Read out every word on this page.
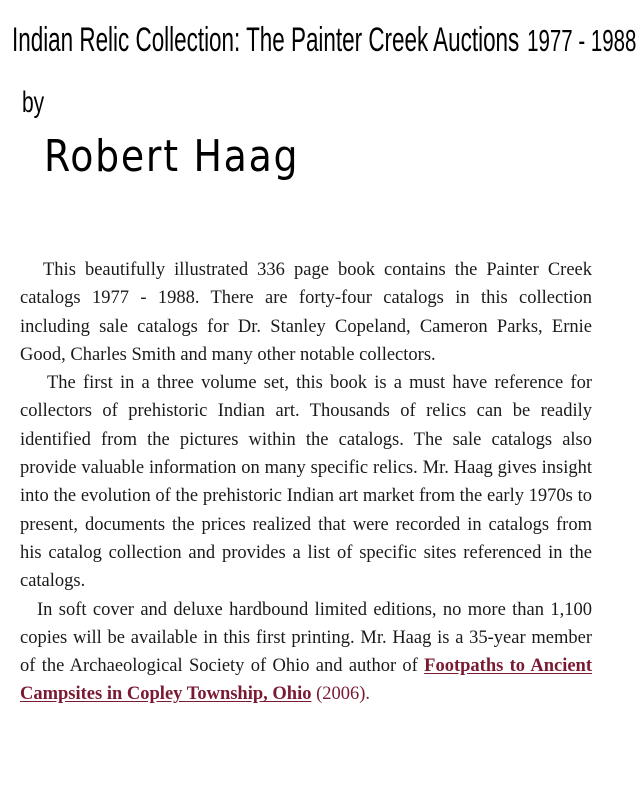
Indian Relic Collection: The Painter Creek Auctions 1977 - 1988
by
Robert Haag

This beautifully illustrated 336 page book contains the Painter Creek catalogs 1977 - 1988. There are forty-four catalogs in this collection including sale catalogs for Dr. Stanley Copeland, Cameron Parks, Ernie Good, Charles Smith and many other notable collectors.

The first in a three volume set, this book is a must have reference for collectors of prehistoric Indian art. Thousands of relics can be readily identified from the pictures within the catalogs. The sale catalogs also provide valuable information on many specific relics. Mr. Haag gives insight into the evolution of the prehistoric Indian art market from the early 1970s to present, documents the prices realized that were recorded in catalogs from his catalog collection and provides a list of specific sites referenced in the catalogs.

In soft cover and deluxe hardbound limited editions, no more than 1,100 copies will be available in this first printing. Mr. Haag is a 35-year member of the Archaeological Society of Ohio and author of Footpaths to Ancient Campsites in Copley Township, Ohio (2006).
